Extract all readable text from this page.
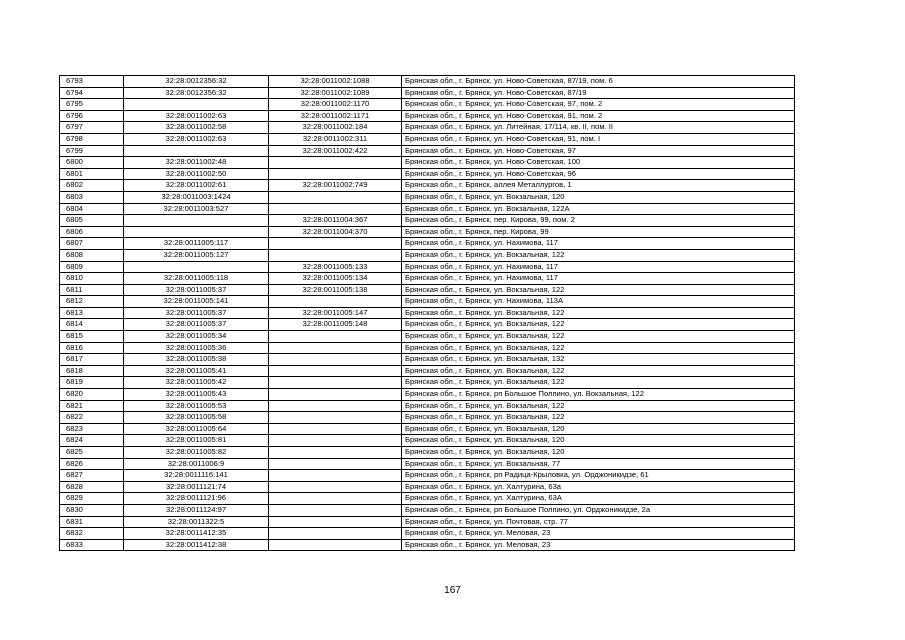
6793	32:28:0012356:32	32:28:0011002:1088	Брянская обл., г. Брянск, ул. Ново-Советская, 87/19, пом. 6
6794	32:28:0012356:32	32:28:0011002:1089	Брянская обл., г. Брянск, ул. Ново-Советская, 87/19
6795		32:28:0011002:1170	Брянская обл., г. Брянск, ул. Ново-Советская, 97, пом. 2
6796	32:28:0011002:63	32:28:0011002:1171	Брянская обл., г. Брянск, ул. Ново-Советская, 91, пом. 2
6797	32:28:0011002:58	32:28:0011002:184	Брянская обл., г. Брянск, ул. Литейная, 17/114, кв. II, пом. II
6798	32:28:0011002:63	32:28:0011002:311	Брянская обл., г. Брянск, ул. Ново-Советская, 91, пом. I
6799		32:28:0011002:422	Брянская обл., г. Брянск, ул. Ново-Советская, 97
6800	32:28:0011002:48		Брянская обл., г. Брянск, ул. Ново-Советская, 100
6801	32:28:0011002:50		Брянская обл., г. Брянск, ул. Ново-Советская, 96
6802	32:28:0011002:61	32:28:0011002:749	Брянская обл., г. Брянск, аллея Металлургов, 1
6803	32:28:0011003:1424		Брянская обл., г. Брянск, ул. Вокзальная, 120
6804	32:28:0011003:527		Брянская обл., г. Брянск, ул. Вокзальная, 122А
6805		32:28:0011004:367	Брянская обл., г. Брянск, пер. Кирова, 99, пом. 2
6806		32:28:0011004:370	Брянская обл., г. Брянск, пер. Кирова, 99
6807	32:28:0011005:117		Брянская обл., г. Брянск, ул. Нахимова, 117
6808	32:28:0011005:127		Брянская обл., г. Брянск, ул. Вокзальная, 122
6809		32:28:0011005:133	Брянская обл., г. Брянск, ул. Нахимова, 117
6810	32:28:0011005:118	32:28:0011005:134	Брянская обл., г. Брянск, ул. Нахимова, 117
6811	32:28:0011005:37	32:28:0011005:138	Брянская обл., г. Брянск, ул. Вокзальная, 122
6812	32:28:0011005:141		Брянская обл., г. Брянск, ул. Нахимова, 113А
6813	32:28:0011005:37	32:28:0011005:147	Брянская обл., г. Брянск, ул. Вокзальная, 122
6814	32:28:0011005:37	32:28:0011005:148	Брянская обл., г. Брянск, ул. Вокзальная, 122
6815	32:28:0011005:34		Брянская обл., г. Брянск, ул. Вокзальная, 122
6816	32:28:0011005:36		Брянская обл., г. Брянск, ул. Вокзальная, 122
6817	32:28:0011005:38		Брянская обл., г. Брянск, ул. Вокзальная, 132
6818	32:28:0011005:41		Брянская обл., г. Брянск, ул. Вокзальная, 122
6819	32:28:0011005:42		Брянская обл., г. Брянск, ул. Вокзальная, 122
6820	32:28:0011005:43		Брянская обл., г. Брянск, рп Большое Полпино, ул. Вокзальная, 122
6821	32:28:0011005:53		Брянская обл., г. Брянск, ул. Вокзальная, 122
6822	32:28:0011005:58		Брянская обл., г. Брянск, ул. Вокзальная, 122
6823	32:28:0011005:64		Брянская обл., г. Брянск, ул. Вокзальная, 120
6824	32:28:0011005:81		Брянская обл., г. Брянск, ул. Вокзальная, 120
6825	32:28:0011005:82		Брянская обл., г. Брянск, ул. Вокзальная, 120
6826	32:28:0011006:9		Брянская обл., г. Брянск, ул. Вокзальная, 77
6827	32:28:0011116:141		Брянская обл., г. Брянск, рп Радица-Крыловка, ул. Орджоникидзе, 61
6828	32:28:0011121:74		Брянская обл., г. Брянск, ул. Халтурина, 63а
6829	32:28:0011121:96		Брянская обл., г. Брянск, ул. Халтурина, 63А
6830	32:28:0011124:97		Брянская обл., г. Брянск, рп Большое Полпино, ул. Орджоникидзе, 2а
6831	32:28:0011322:5		Брянская обл., г. Брянск, ул. Почтовая, стр. 77
6832	32:28:0011412:35		Брянская обл., г. Брянск, ул. Меловая, 23
6833	32:28:0011412:38		Брянская обл., г. Брянск, ул. Меловая, 23
167
